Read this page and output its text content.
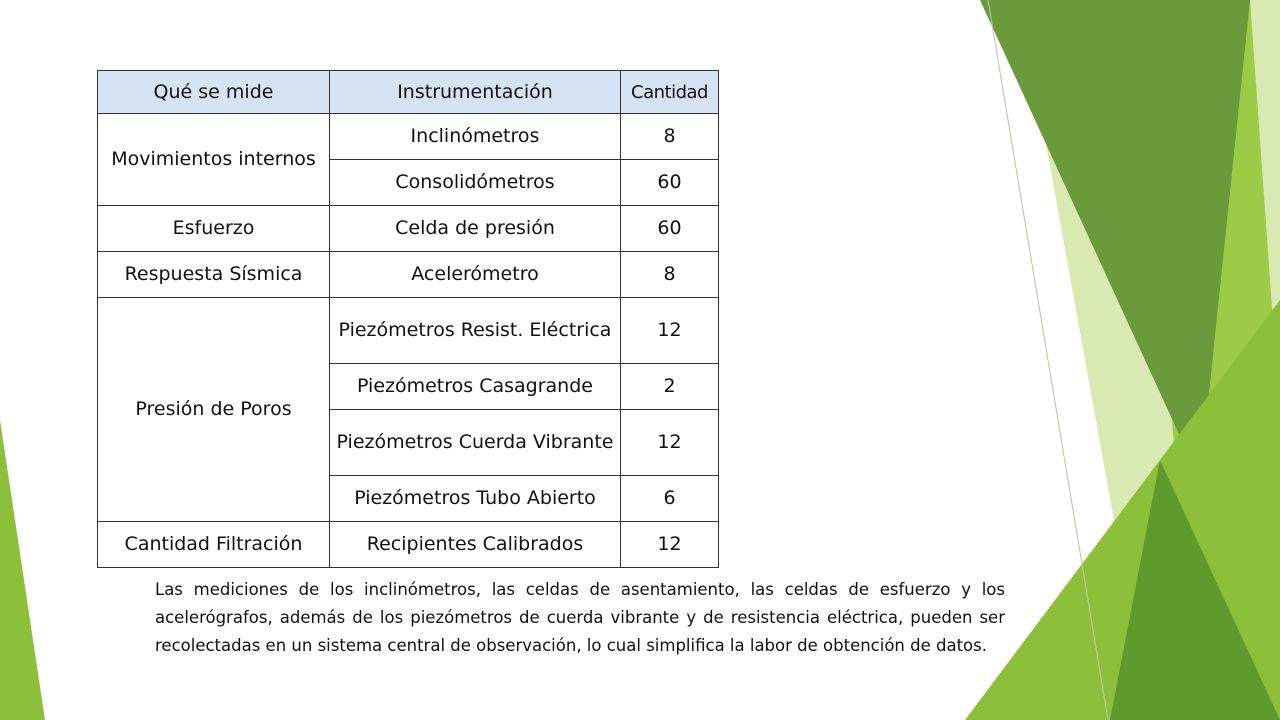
Qué se mide	Instrumentación	Cantidad
Movimientos internos	Inclinómetros	8
	Consolidómetros	60
Esfuerzo	Celda de presión	60
Respuesta Sísmica	Acelerómetro	8
Presión de Poros	Piezómetros Resist. Eléctrica	12
	Piezómetros Casagrande	2
	Piezómetros Cuerda Vibrante	12
	Piezómetros Tubo Abierto	6
Cantidad Filtración	Recipientes Calibrados	12

Las mediciones de los inclinómetros, las celdas de asentamiento, las celdas de esfuerzo y los acelerógrafos, además de los piezómetros de cuerda vibrante y de resistencia eléctrica, pueden ser recolectadas en un sistema central de observación, lo cual simplifica la labor de obtención de datos.
